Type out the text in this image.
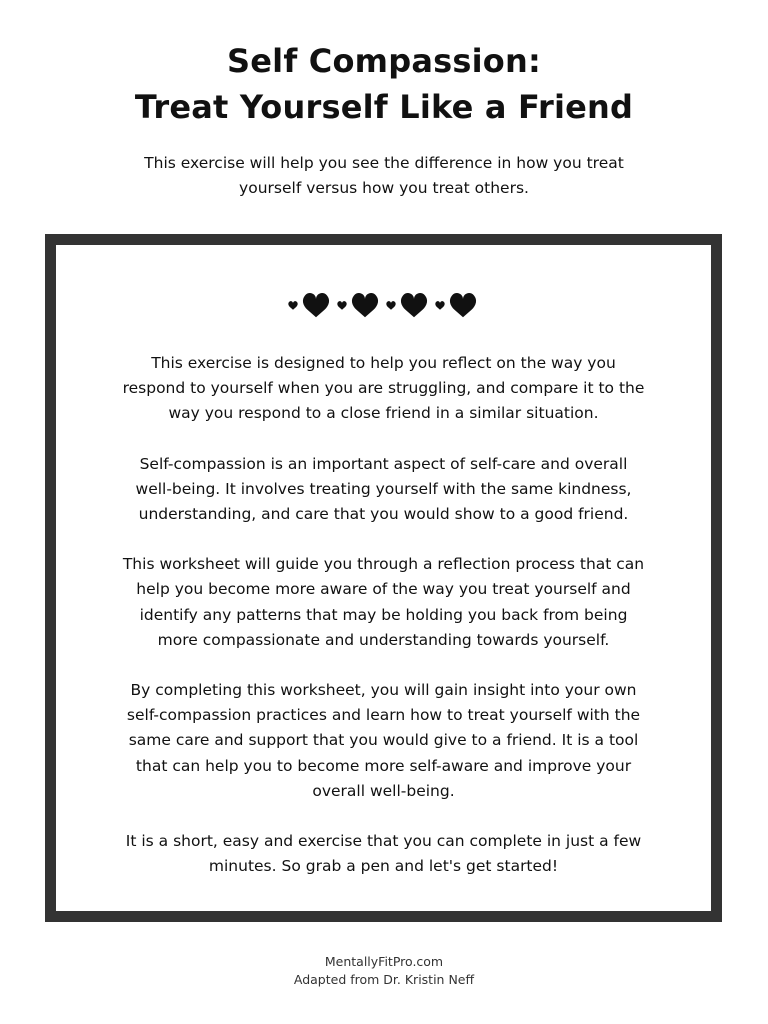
Self Compassion:
Treat Yourself Like a Friend

This exercise will help you see the difference in how you treat
yourself versus how you treat others.

This exercise is designed to help you reflect on the way you
respond to yourself when you are struggling, and compare it to the
way you respond to a close friend in a similar situation.

Self-compassion is an important aspect of self-care and overall
well-being. It involves treating yourself with the same kindness,
understanding, and care that you would show to a good friend.

This worksheet will guide you through a reflection process that can
help you become more aware of the way you treat yourself and
identify any patterns that may be holding you back from being
more compassionate and understanding towards yourself.

By completing this worksheet, you will gain insight into your own
self-compassion practices and learn how to treat yourself with the
same care and support that you would give to a friend. It is a tool
that can help you to become more self-aware and improve your
overall well-being.

It is a short, easy and exercise that you can complete in just a few
minutes. So grab a pen and let's get started!

MentallyFitPro.com
Adapted from Dr. Kristin Neff
